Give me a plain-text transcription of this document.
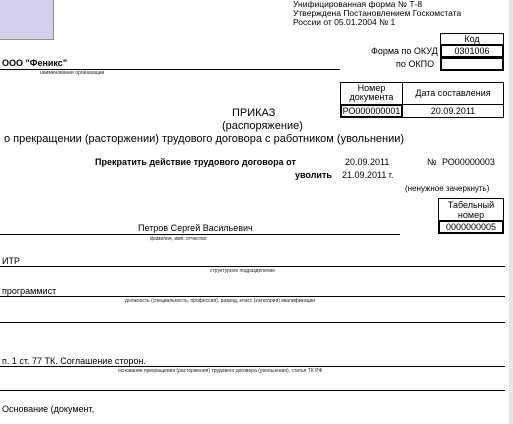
Унифицированная форма № Т-8
Утверждена Постановлением Госкомстата
России от 05.01.2004 № 1
Код
Форма по ОКУД	0301006
по ОКПО
ООО "Феникс"
наименование организации
Номер документа	Дата составления
РО000000001	20.09.2011
ПРИКАЗ
(распоряжение)
о прекращении (расторжении) трудового договора с работником (увольнении)
Прекратить действие трудового договора от	20.09.2011	№ РО00000003
уволить 21.09.2011 г.
(ненужное зачеркнуть)
Табельный номер
0000000005
Петров Сергей Васильевич
фамилия, имя, отчество
ИТР
структурное подразделение
программист
должность (специальность, профессия), разряд, класс (категория) квалификации
п. 1 ст. 77 ТК. Соглашение сторон.
основание прекращения (расторжения) трудового договора (увольнения), статья ТК РФ
Основание (документ,
